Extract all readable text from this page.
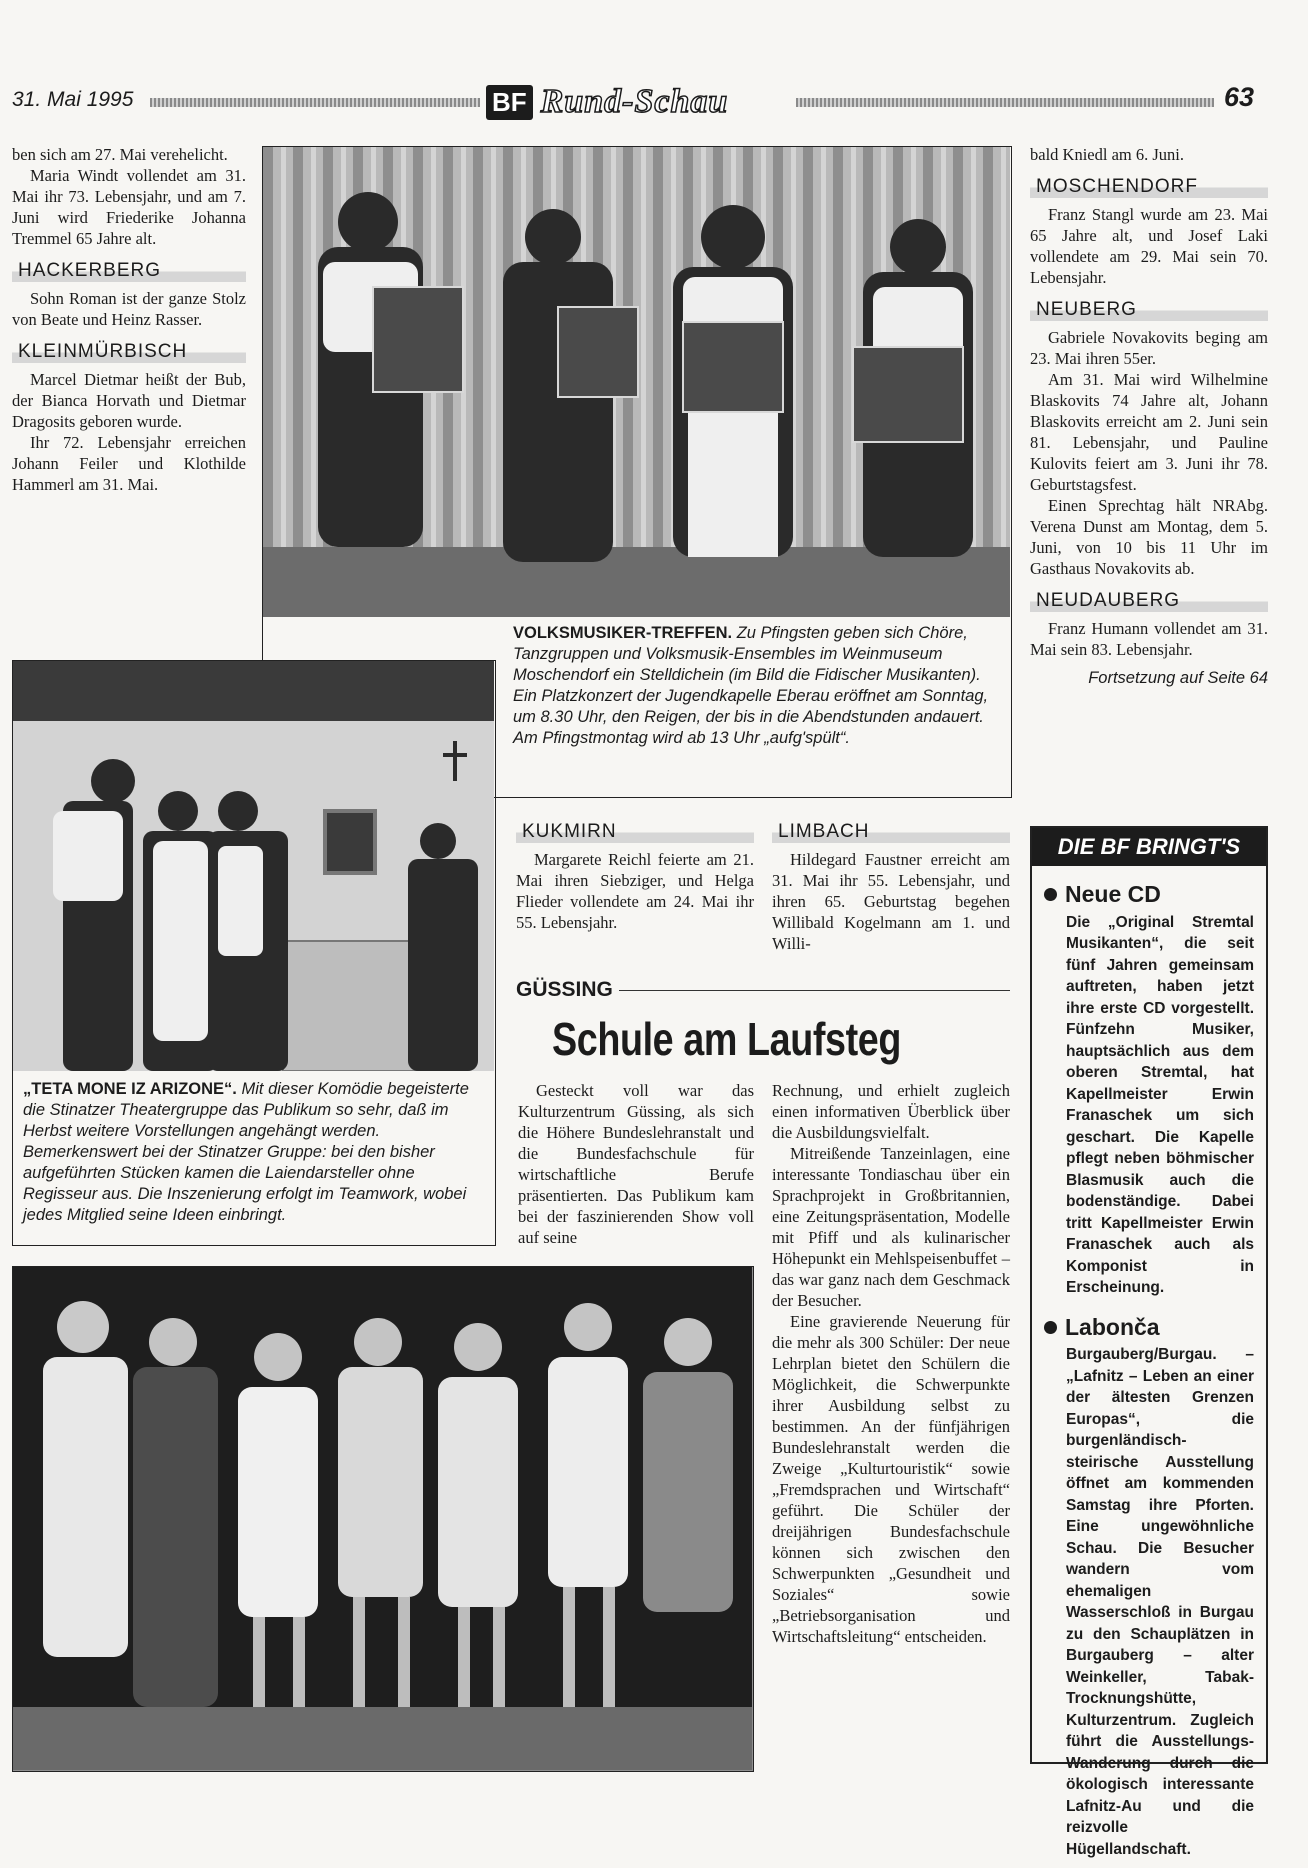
31. Mai 1995	BF Rund-Schau	63

ben sich am 27. Mai verehelicht.

Maria Windt vollendet am 31. Mai ihr 73. Lebensjahr, und am 7. Juni wird Friederike Johanna Tremmel 65 Jahre alt.

HACKERBERG

Sohn Roman ist der ganze Stolz von Beate und Heinz Rasser.

KLEINMÜRBISCH

Marcel Dietmar heißt der Bub, der Bianca Horvath und Dietmar Dragosits geboren wurde.

Ihr 72. Lebensjahr erreichen Johann Feiler und Klothilde Hammerl am 31. Mai.

VOLKSMUSIKER-TREFFEN. Zu Pfingsten geben sich Chöre, Tanzgruppen und Volksmusik-Ensembles im Weinmuseum Moschendorf ein Stelldichein (im Bild die Fidischer Musikanten). Ein Platzkonzert der Jugendkapelle Eberau eröffnet am Sonntag, um 8.30 Uhr, den Reigen, der bis in die Abendstunden andauert. Am Pfingstmontag wird ab 13 Uhr „aufg'spült“.

bald Kniedl am 6. Juni.

MOSCHENDORF

Franz Stangl wurde am 23. Mai 65 Jahre alt, und Josef Laki vollendete am 29. Mai sein 70. Lebensjahr.

NEUBERG

Gabriele Novakovits beging am 23. Mai ihren 55er.

Am 31. Mai wird Wilhelmine Blaskovits 74 Jahre alt, Johann Blaskovits erreicht am 2. Juni sein 81. Lebensjahr, und Pauline Kulovits feiert am 3. Juni ihr 78. Geburtstagsfest.

Einen Sprechtag hält NRAbg. Verena Dunst am Montag, dem 5. Juni, von 10 bis 11 Uhr im Gasthaus Novakovits ab.

NEUDAUBERG

Franz Humann vollendet am 31. Mai sein 83. Lebensjahr.

Fortsetzung auf Seite 64

„TETA MONE IZ ARIZONE“. Mit dieser Komödie begeisterte die Stinatzer Theatergruppe das Publikum so sehr, daß im Herbst weitere Vorstellungen angehängt werden. Bemerkenswert bei der Stinatzer Gruppe: bei den bisher aufgeführten Stücken kamen die Laiendarsteller ohne Regisseur aus. Die Inszenierung erfolgt im Teamwork, wobei jedes Mitglied seine Ideen einbringt.
KUKMIRN

Margarete Reichl feierte am 21. Mai ihren Siebziger, und Helga Flieder vollendete am 24. Mai ihr 55. Lebensjahr.

LIMBACH

Hildegard Faustner erreicht am 31. Mai ihr 55. Lebensjahr, und ihren 65. Geburtstag begehen Willibald Kogelmann am 1. und Willi-

GÜSSING
Schule am Laufsteg

Gesteckt voll war das Kulturzentrum Güssing, als sich die Höhere Bundeslehranstalt und die Bundesfachschule für wirtschaftliche Berufe präsentierten. Das Publikum kam bei der faszinierenden Show voll auf seine

Rechnung, und erhielt zugleich einen informativen Überblick über die Ausbildungsvielfalt.

Mitreißende Tanzeinlagen, eine interessante Tondiaschau über ein Sprachprojekt in Großbritannien, eine Zeitungspräsentation, Modelle mit Pfiff und als kulinarischer Höhepunkt ein Mehlspeisenbuffet – das war ganz nach dem Geschmack der Besucher.

Eine gravierende Neuerung für die mehr als 300 Schüler: Der neue Lehrplan bietet den Schülern die Möglichkeit, die Schwerpunkte ihrer Ausbildung selbst zu bestimmen. An der fünfjährigen Bundeslehranstalt werden die Zweige „Kulturtouristik“ sowie „Fremdsprachen und Wirtschaft“ geführt. Die Schüler der dreijährigen Bundesfachschule können sich zwischen den Schwerpunkten „Gesundheit und Soziales“ sowie „Betriebsorganisation und Wirtschaftsleitung“ entscheiden.

DIE BF BRINGT'S
Neue CD

Die „Original Stremtal Musikanten“, die seit fünf Jahren gemeinsam auftreten, haben jetzt ihre erste CD vorgestellt. Fünfzehn Musiker, hauptsächlich aus dem oberen Stremtal, hat Kapellmeister Erwin Franaschek um sich geschart. Die Kapelle pflegt neben böhmischer Blasmusik auch die bodenständige. Dabei tritt Kapellmeister Erwin Franaschek auch als Komponist in Erscheinung.

Labonča

Burgauberg/Burgau. – „Lafnitz – Leben an einer der ältesten Grenzen Europas“, die burgenländisch-steirische Ausstellung öffnet am kommenden Samstag ihre Pforten. Eine ungewöhnliche Schau. Die Besucher wandern vom ehemaligen Wasserschloß in Burgau zu den Schauplätzen in Burgauberg – alter Weinkeller, Tabak-Trocknungshütte, Kulturzentrum. Zugleich führt die Ausstellungs-Wanderung durch die ökologisch interessante Lafnitz-Au und die reizvolle Hügellandschaft.
